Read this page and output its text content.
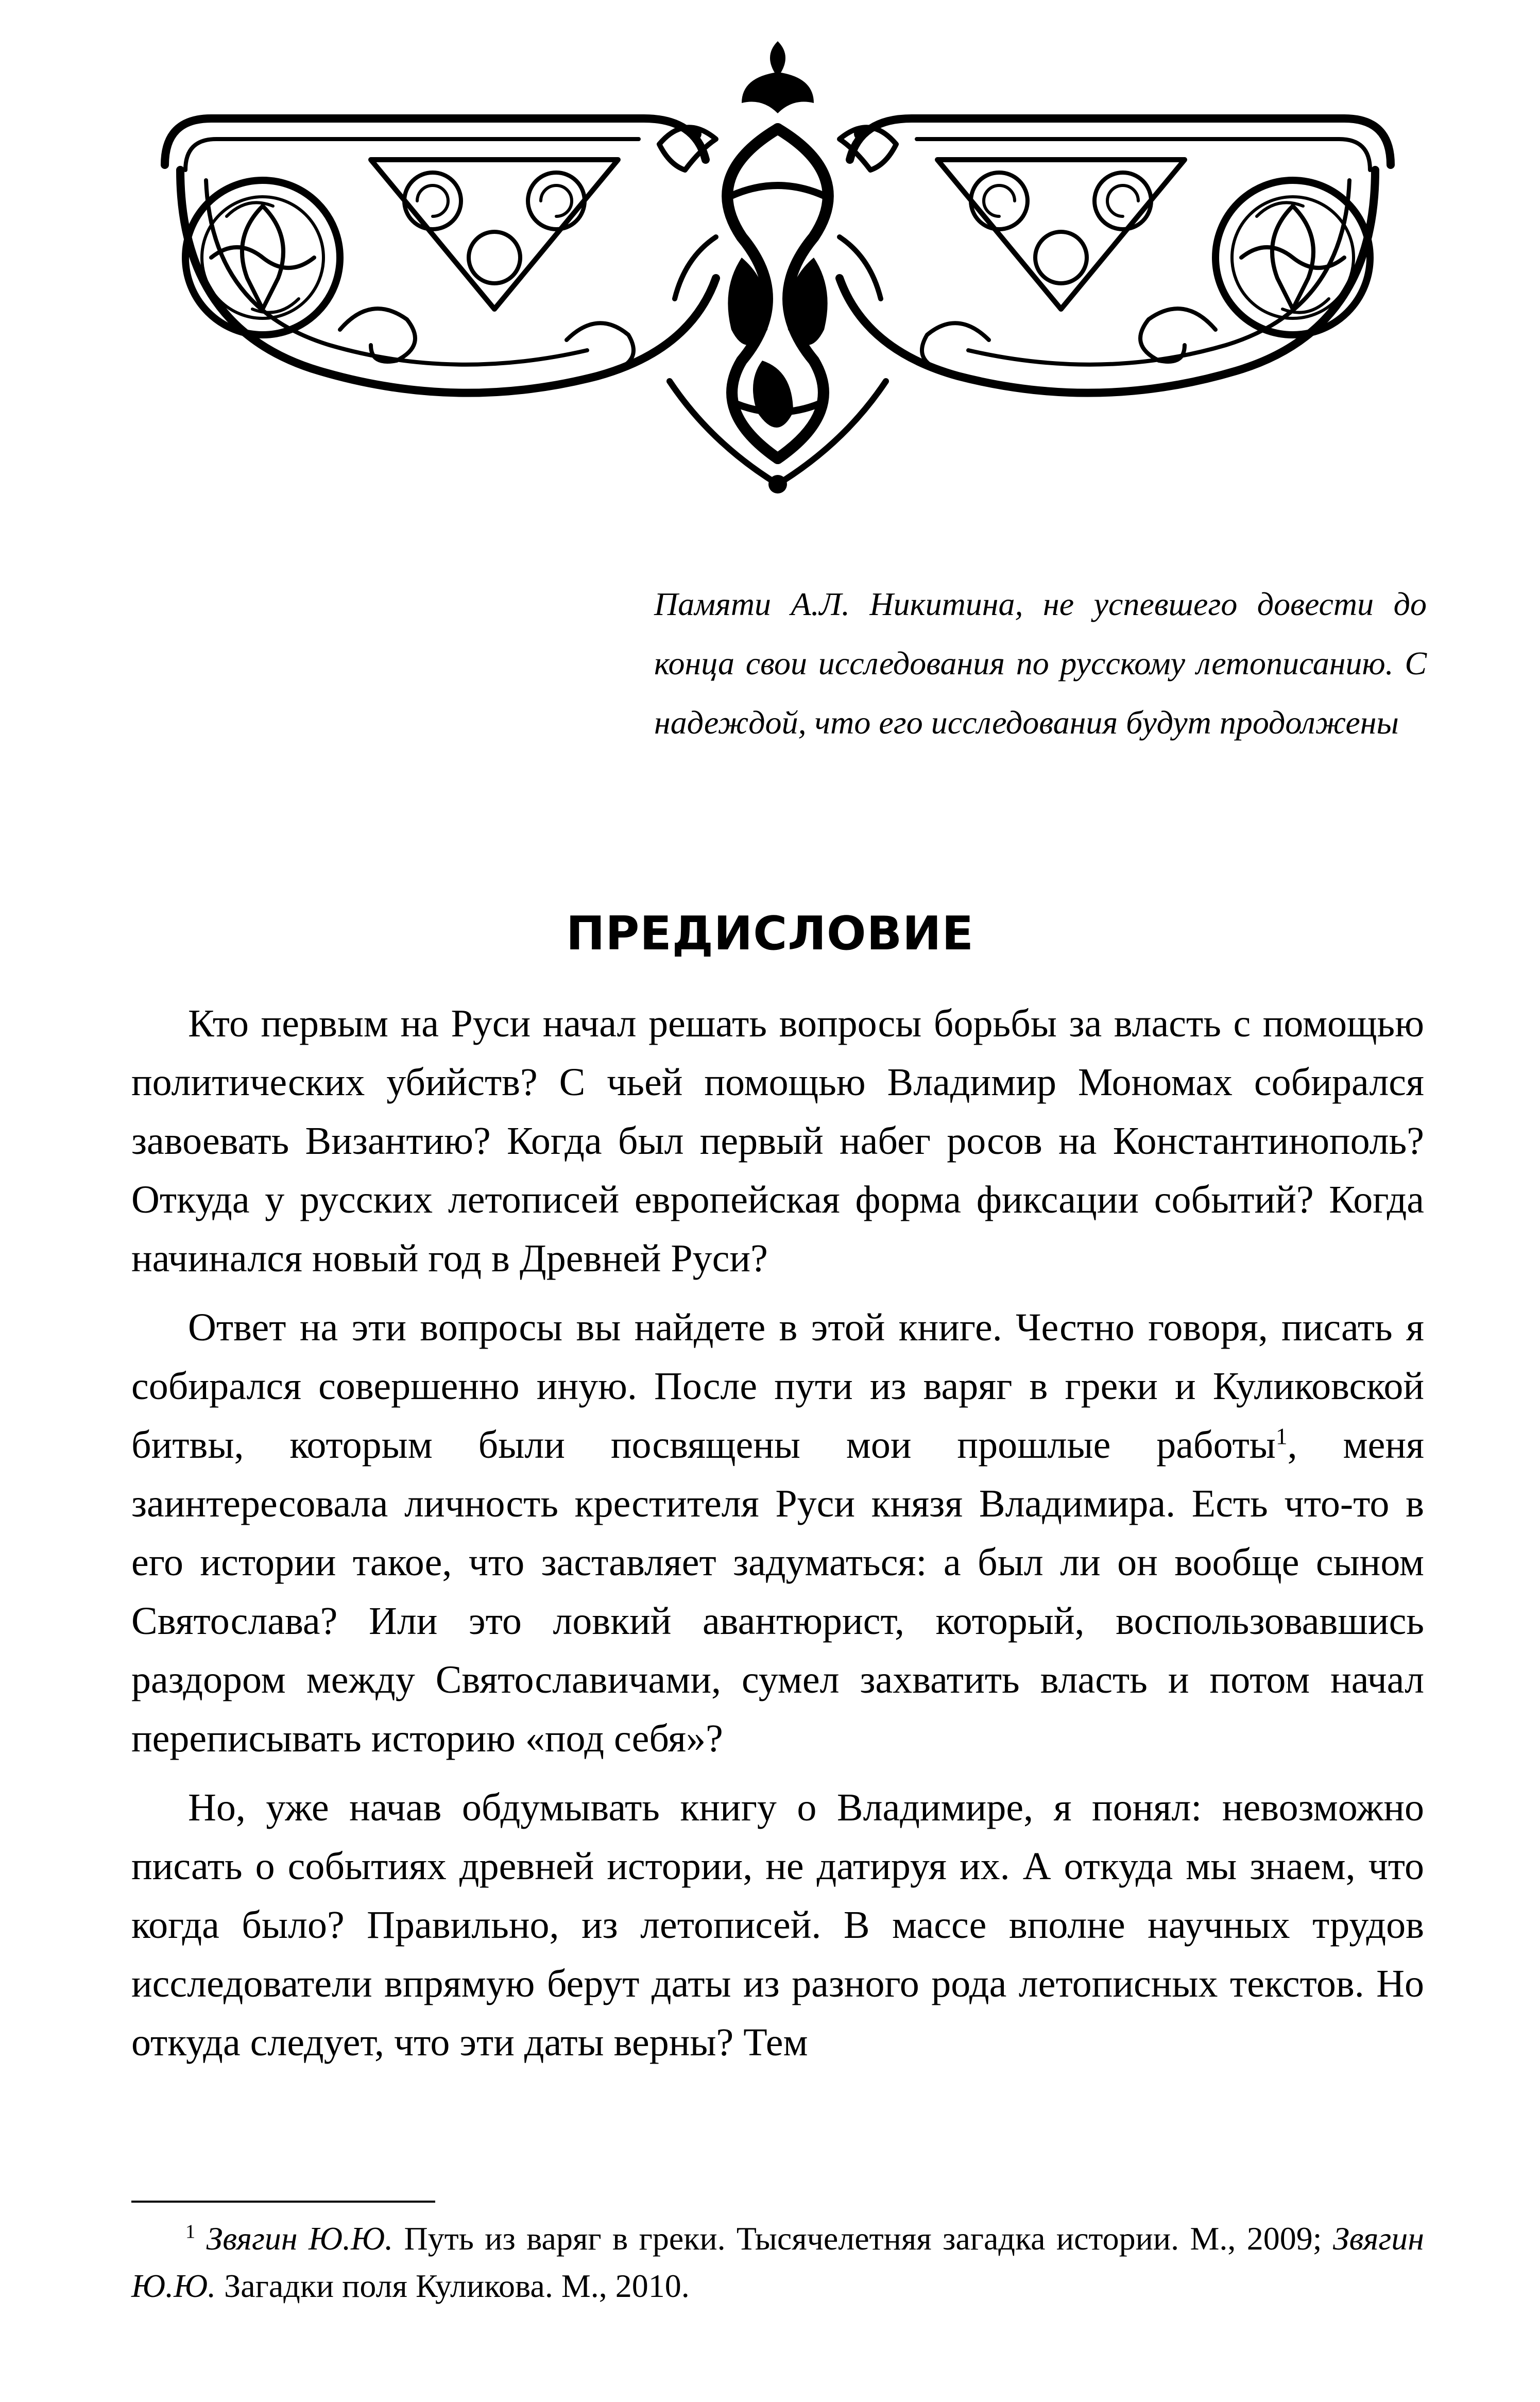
Памяти А.Л. Никитина, не успевшего довести до конца свои исследования по русскому летописанию. С надеждой, что его исследования будут продолжены
ПРЕДИСЛОВИЕ

Кто первым на Руси начал решать вопросы борьбы за власть с помощью политических убийств? С чьей помощью Владимир Мономах собирался завоевать Византию? Когда был первый набег росов на Константинополь? Откуда у русских летописей европейская форма фиксации событий? Когда начинался новый год в Древней Руси?

Ответ на эти вопросы вы найдете в этой книге. Честно говоря, писать я собирался совершенно иную. После пути из варяг в греки и Куликовской битвы, которым были посвящены мои прошлые работы$^1$, меня заинтересовала личность крестителя Руси князя Владимира. Есть что-то в его истории такое, что заставляет задуматься: а был ли он вообще сыном Святослава? Или это ловкий авантюрист, который, воспользовавшись раздором между Святославичами, сумел захватить власть и потом начал переписывать историю «под себя»?

Но, уже начав обдумывать книгу о Владимире, я понял: невозможно писать о событиях древней истории, не датируя их. А откуда мы знаем, что когда было? Правильно, из летописей. В массе вполне научных трудов исследователи впрямую берут даты из разного рода летописных текстов. Но откуда следует, что эти даты верны? Тем

$^1$ Звягин Ю.Ю. Путь из варяг в греки. Тысячелетняя загадка истории. М., 2009; Звягин Ю.Ю. Загадки поля Куликова. М., 2010.
